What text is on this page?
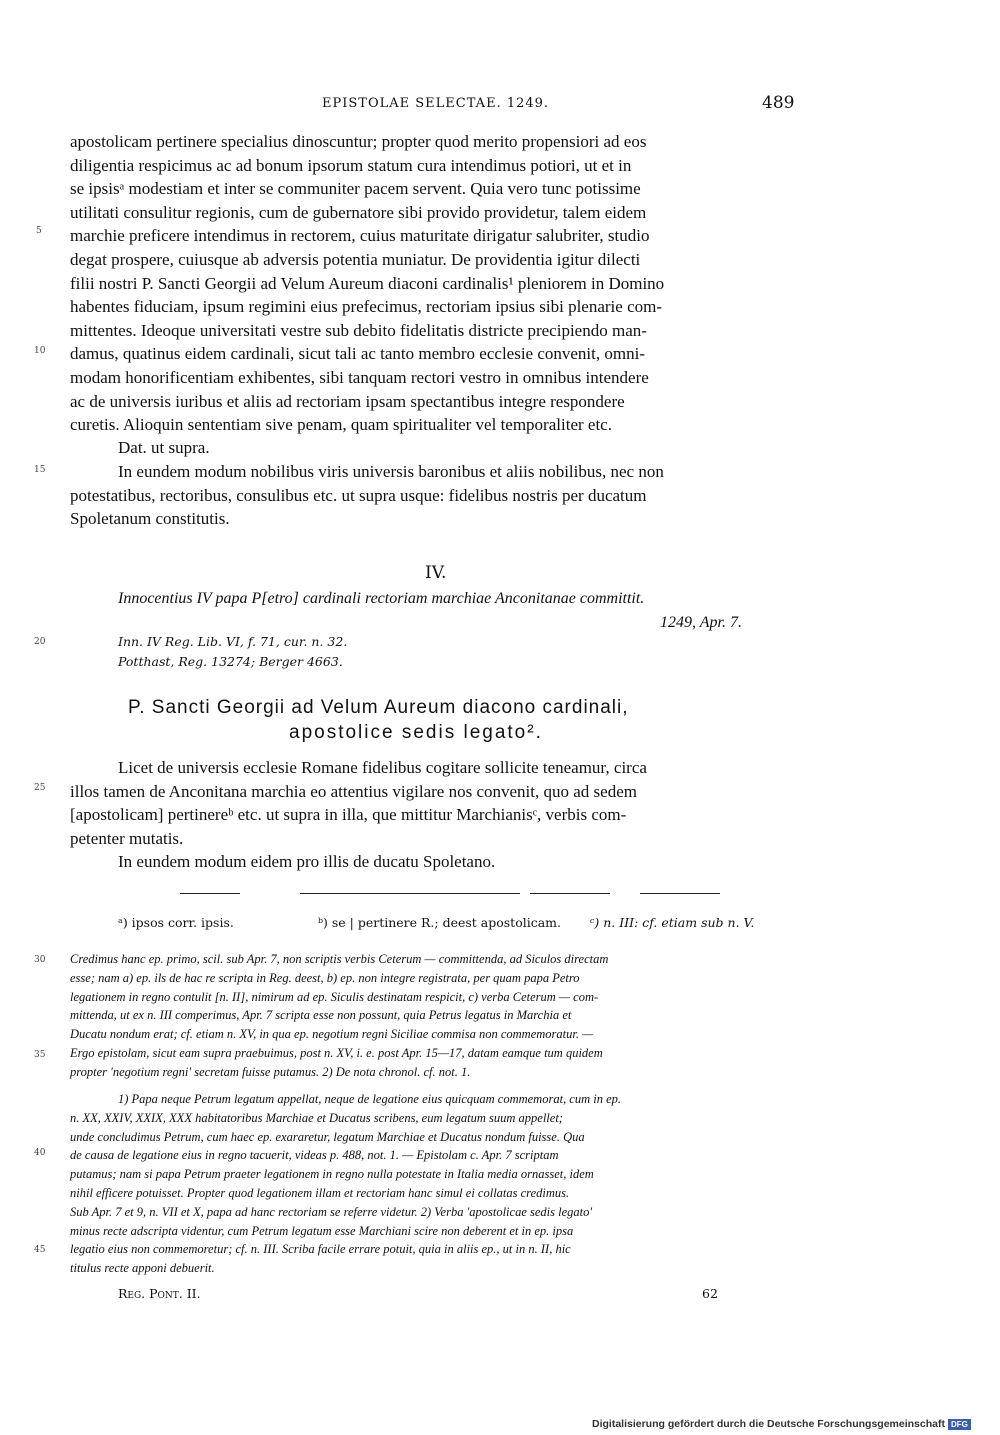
EPISTOLAE SELECTAE. 1249.	489
apostolicam pertinere specialius dinoscuntur; propter quod merito propensiori ad eos
diligentia respicimus ac ad bonum ipsorum statum cura intendimus potiori, ut et in
se ipsisᵃ modestiam et inter se communiter pacem servent. Quia vero tunc potissime
utilitati consulitur regionis, cum de gubernatore sibi provido providetur, talem eidem
marchie preficere intendimus in rectorem, cuius maturitate dirigatur salubriter, studio
degat prospere, cuiusque ab adversis potentia muniatur. De providentia igitur dilecti
filii nostri P. Sancti Georgii ad Velum Aureum diaconi cardinalis¹ pleniorem in Domino
habentes fiduciam, ipsum regimini eius prefecimus, rectoriam ipsius sibi plenarie com-
mittentes. Ideoque universitati vestre sub debito fidelitatis districte precipiendo man-
damus, quatinus eidem cardinali, sicut tali ac tanto membro ecclesie convenit, omni-
modam honorificentiam exhibentes, sibi tanquam rectori vestro in omnibus intendere
ac de universis iuribus et aliis ad rectoriam ipsam spectantibus integre respondere
curetis. Alioquin sententiam sive penam, quam spiritualiter vel temporaliter etc.
Dat. ut supra.
In eundem modum nobilibus viris universis baronibus et aliis nobilibus, nec non
potestatibus, rectoribus, consulibus etc. ut supra usque: fidelibus nostris per ducatum
Spoletanum constitutis.
IV.
Innocentius IV papa P[etro] cardinali rectoriam marchiae Anconitanae committit.
1249, Apr. 7.
Inn. IV Reg. Lib. VI, f. 71, cur. n. 32.
Potthast, Reg. 13274; Berger 4663.
P. Sancti Georgii ad Velum Aureum diacono cardinali,
apostolice sedis legato².
Licet de universis ecclesie Romane fidelibus cogitare sollicite teneamur, circa
illos tamen de Anconitana marchia eo attentius vigilare nos convenit, quo ad sedem
[apostolicam] pertinereᵇ etc. ut supra in illa, que mittitur Marchianisᶜ, verbis com-
petenter mutatis.
In eundem modum eidem pro illis de ducatu Spoletano.
ᵃ) ipsos corr. ipsis.	ᵇ) se | pertinere R.; deest apostolicam. ᶜ) n. III: cf. etiam sub n. V.
Credimus hanc ep. primo, scil. sub Apr. 7, non scriptis verbis Ceterum — committenda, ad Siculos directam
esse; nam a) ep. ils de hac re scripta in Reg. deest, b) ep. non integre registrata, per quam papa Petro
legationem in regno contulit [n. II], nimirum ad ep. Siculis destinatam respicit, c) verba Ceterum — com-
mittenda, ut ex n. III comperimus, Apr. 7 scripta esse non possunt, quia Petrus legatus in Marchia et
Ducatu nondum erat; cf. etiam n. XV, in qua ep. negotium regni Siciliae commisa non commemoratur. —
Ergo epistolam, sicut eam supra praebuimus, post n. XV, i. e. post Apr. 15—17, datam eamque tum quidem
propter 'negotium regni' secretam fuisse putamus. 2) De nota chronol. cf. not. 1.
1) Papa neque Petrum legatum appellat, neque de legatione eius quicquam commemorat, cum in ep.
n. XX, XXIV, XXIX, XXX habitatoribus Marchiae et Ducatus scribens, eum legatum suum appellet;
unde concludimus Petrum, cum haec ep. exararetur, legatum Marchiae et Ducatus nondum fuisse. Qua
de causa de legatione eius in regno tacuerit, videas p. 488, not. 1. — Epistolam c. Apr. 7 scriptam
putamus; nam si papa Petrum praeter legationem in regno nulla potestate in Italia media ornasset, idem
nihil efficere potuisset. Propter quod legationem illam et rectoriam hanc simul ei collatas credimus.
Sub Apr. 7 et 9, n. VII et X, papa ad hanc rectoriam se referre videtur. 2) Verba 'apostolicae sedis legato'
minus recte adscripta videntur, cum Petrum legatum esse Marchiani scire non deberent et in ep. ipsa
legatio eius non commemoretur; cf. n. III. Scriba facile errare potuit, quia in aliis ep., ut in n. II, hic
titulus recte apponi debuerit.
Reg. Pont. II.	62
5
10
15
20
25
30
35
40
45
Digitalisierung gefördert durch die Deutsche Forschungsgemeinschaft DFG
